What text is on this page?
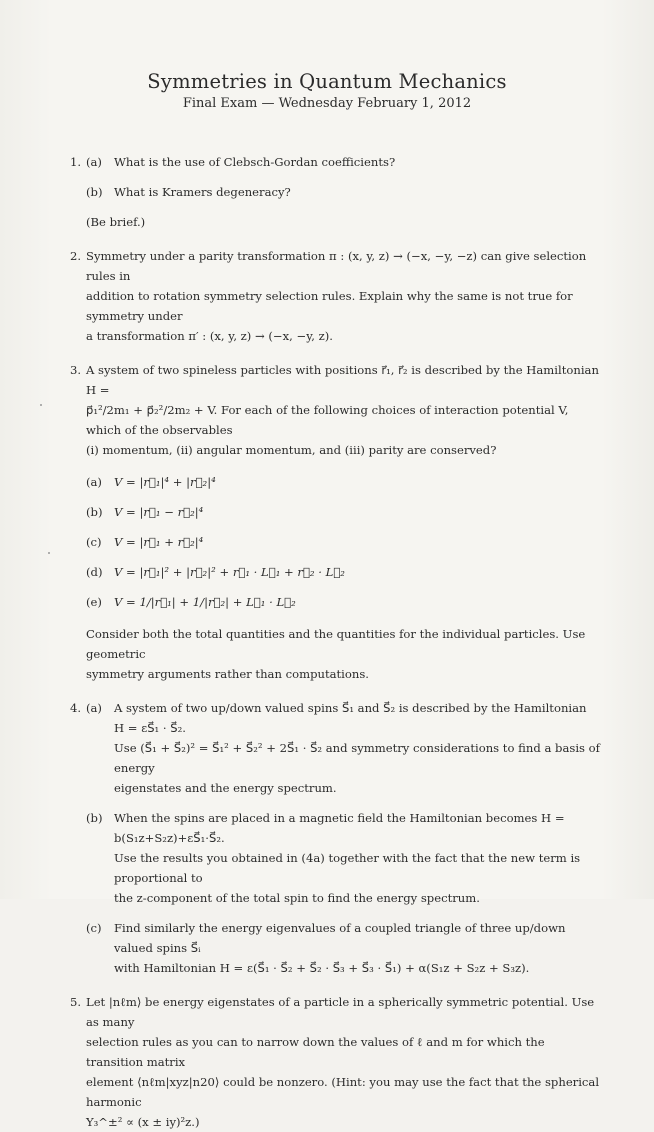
Symmetries in Quantum Mechanics
Final Exam — Wednesday February 1, 2012
1. (a) What is the use of Clebsch-Gordan coefficients?
(b) What is Kramers degeneracy?
(Be brief.)
2. Symmetry under a parity transformation π : (x, y, z) → (−x, −y, −z) can give selection rules in
addition to rotation symmetry selection rules. Explain why the same is not true for symmetry under
a transformation π′ : (x, y, z) → (−x, −y, z).
3. A system of two spineless particles with positions r⃗₁, r⃗₂ is described by the Hamiltonian H =
p⃗₁²/2m₁ + p⃗₂²/2m₂ + V. For each of the following choices of interaction potential V, which of the observables
(i) momentum, (ii) angular momentum, and (iii) parity are conserved?
(a) V = |r⃗₁|⁴ + |r⃗₂|⁴
(b) V = |r⃗₁ − r⃗₂|⁴
(c) V = |r⃗₁ + r⃗₂|⁴
(d) V = |r⃗₁|² + |r⃗₂|² + r⃗₁ · L⃗₁ + r⃗₂ · L⃗₂
(e) V = 1/|r⃗₁| + 1/|r⃗₂| + L⃗₁ · L⃗₂
Consider both the total quantities and the quantities for the individual particles. Use geometric
symmetry arguments rather than computations.
4. (a) A system of two up/down valued spins S⃗₁ and S⃗₂ is described by the Hamiltonian H = εS⃗₁ · S⃗₂.
Use (S⃗₁ + S⃗₂)² = S⃗₁² + S⃗₂² + 2S⃗₁ · S⃗₂ and symmetry considerations to find a basis of energy
eigenstates and the energy spectrum.
(b) When the spins are placed in a magnetic field the Hamiltonian becomes H = b(S₁z+S₂z)+εS⃗₁·S⃗₂.
Use the results you obtained in (4a) together with the fact that the new term is proportional to
the z-component of the total spin to find the energy spectrum.
(c) Find similarly the energy eigenvalues of a coupled triangle of three up/down valued spins S⃗ᵢ
with Hamiltonian H = ε(S⃗₁ · S⃗₂ + S⃗₂ · S⃗₃ + S⃗₃ · S⃗₁) + α(S₁z + S₂z + S₃z).
5. Let |nℓm⟩ be energy eigenstates of a particle in a spherically symmetric potential. Use as many
selection rules as you can to narrow down the values of ℓ and m for which the transition matrix
element ⟨nℓm|xyz|n20⟩ could be nonzero. (Hint: you may use the fact that the spherical harmonic
Y₃^±² ∝ (x ± iy)²z.)
